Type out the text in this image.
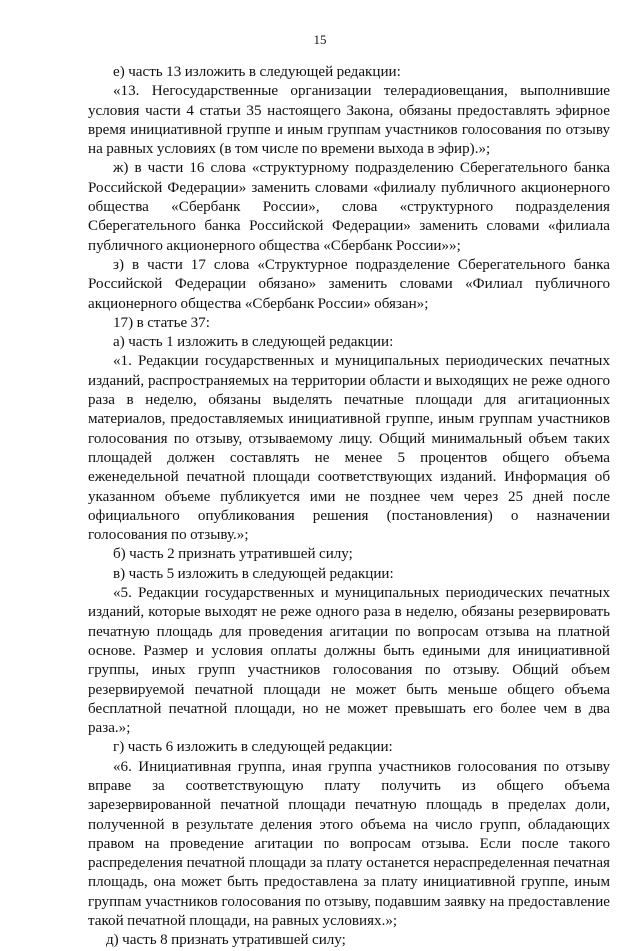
15

е) часть 13 изложить в следующей редакции:

«13. Негосударственные организации телерадиовещания, выполнившие условия части 4 статьи 35 настоящего Закона, обязаны предоставлять эфирное время инициативной группе и иным группам участников голосования по отзыву на равных условиях (в том числе по времени выхода в эфир).»;

ж) в части 16 слова «структурному подразделению Сберегательного банка Российской Федерации» заменить словами «филиалу публичного акционерного общества «Сбербанк России», слова «структурного подразделения Сберегательного банка Российской Федерации» заменить словами «филиала публичного акционерного общества «Сбербанк России»»;

з) в части 17 слова «Структурное подразделение Сберегательного банка Российской Федерации обязано» заменить словами «Филиал публичного акционерного общества «Сбербанк России» обязан»;

17) в статье 37:

а) часть 1 изложить в следующей редакции:

«1. Редакции государственных и муниципальных периодических печатных изданий, распространяемых на территории области и выходящих не реже одного раза в неделю, обязаны выделять печатные площади для агитационных материалов, предоставляемых инициативной группе, иным группам участников голосования по отзыву, отзываемому лицу. Общий минимальный объем таких площадей должен составлять не менее 5 процентов общего объема еженедельной печатной площади соответствующих изданий. Информация об указанном объеме публикуется ими не позднее чем через 25 дней после официального опубликования решения (постановления) о назначении голосования по отзыву.»;

б) часть 2 признать утратившей силу;

в) часть 5 изложить в следующей редакции:

«5. Редакции государственных и муниципальных периодических печатных изданий, которые выходят не реже одного раза в неделю, обязаны резервировать печатную площадь для проведения агитации по вопросам отзыва на платной основе. Размер и условия оплаты должны быть едиными для инициативной группы, иных групп участников голосования по отзыву. Общий объем резервируемой печатной площади не может быть меньше общего объема бесплатной печатной площади, но не может превышать его более чем в два раза.»;

г) часть 6 изложить в следующей редакции:

«6. Инициативная группа, иная группа участников голосования по отзыву вправе за соответствующую плату получить из общего объема зарезервированной печатной площади печатную площадь в пределах доли, полученной в результате деления этого объема на число групп, обладающих правом на проведение агитации по вопросам отзыва. Если после такого распределения печатной площади за плату останется нераспределенная печатная площадь, она может быть предоставлена за плату инициативной группе, иным группам участников голосования по отзыву, подавшим заявку на предоставление такой печатной площади, на равных условиях.»;

д) часть 8 признать утратившей силу;
